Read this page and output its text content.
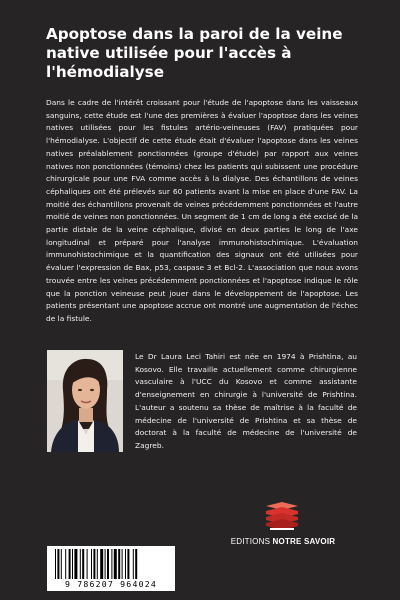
Apoptose dans la paroi de la veine native utilisée pour l'accès à l'hémodialyse

Dans le cadre de l'intérêt croissant pour l'étude de l'apoptose dans les vaisseaux sanguins, cette étude est l'une des premières à évaluer l'apoptose dans les veines natives utilisées pour les fistules artério-veineuses (FAV) pratiquées pour l'hémodialyse. L'objectif de cette étude était d'évaluer l'apoptose dans les veines natives préalablement ponctionnées (groupe d'étude) par rapport aux veines natives non ponctionnées (témoins) chez les patients qui subissent une procédure chirurgicale pour une FVA comme accès à la dialyse. Des échantillons de veines céphaliques ont été prélevés sur 60 patients avant la mise en place d'une FAV. La moitié des échantillons provenait de veines précédemment ponctionnées et l'autre moitié de veines non ponctionnées. Un segment de 1 cm de long a été excisé de la partie distale de la veine céphalique, divisé en deux parties le long de l'axe longitudinal et préparé pour l'analyse immunohistochimique. L'évaluation immunohistochimique et la quantification des signaux ont été utilisées pour évaluer l'expression de Bax, p53, caspase 3 et Bcl-2. L'association que nous avons trouvée entre les veines précédemment ponctionnées et l'apoptose indique le rôle que la ponction veineuse peut jouer dans le développement de l'apoptose. Les patients présentant une apoptose accrue ont montré une augmentation de l'échec de la fistule.

Le Dr Laura Leci Tahiri est née en 1974 à Prishtina, au Kosovo. Elle travaille actuellement comme chirurgienne vasculaire à l'UCC du Kosovo et comme assistante d'enseignement en chirurgie à l'université de Prishtina. L'auteur a soutenu sa thèse de maîtrise à la faculté de médecine de l'université de Prishtina et sa thèse de doctorat à la faculté de médecine de l'université de Zagreb.

EDITIONS NOTRE SAVOIR
9 786207 964024
